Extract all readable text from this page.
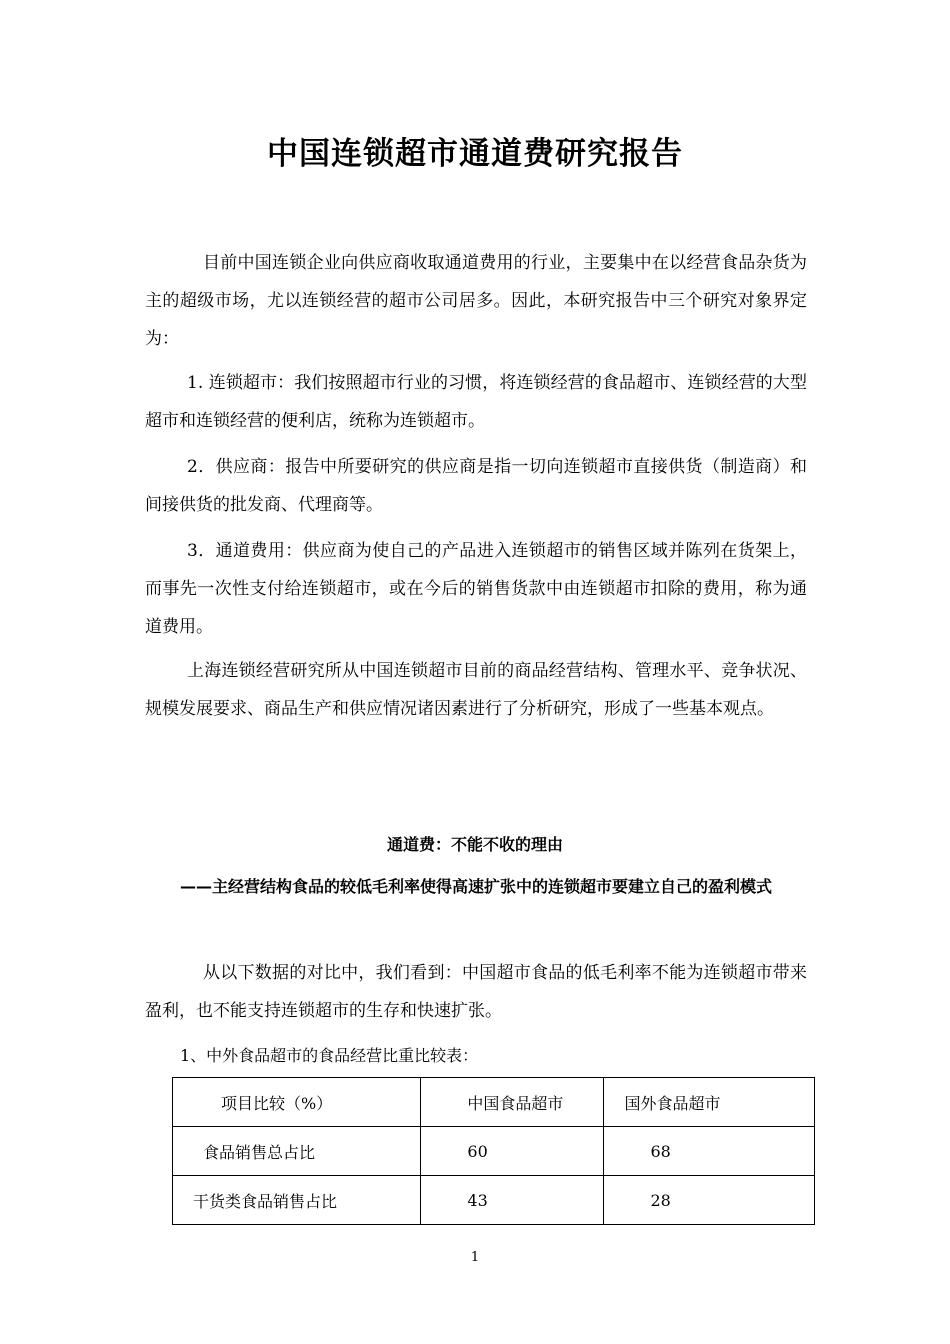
中国连锁超市通道费研究报告

目前中国连锁企业向供应商收取通道费用的行业，主要集中在以经营食品杂货为主的超级市场，尤以连锁经营的超市公司居多。因此，本研究报告中三个研究对象界定为：

1. 连锁超市：我们按照超市行业的习惯，将连锁经营的食品超市、连锁经营的大型超市和连锁经营的便利店，统称为连锁超市。

2．供应商：报告中所要研究的供应商是指一切向连锁超市直接供货（制造商）和间接供货的批发商、代理商等。

3．通道费用：供应商为使自己的产品进入连锁超市的销售区域并陈列在货架上，而事先一次性支付给连锁超市，或在今后的销售货款中由连锁超市扣除的费用，称为通道费用。

上海连锁经营研究所从中国连锁超市目前的商品经营结构、管理水平、竞争状况、规模发展要求、商品生产和供应情况诸因素进行了分析研究，形成了一些基本观点。

通道费：不能不收的理由

——主经营结构食品的较低毛利率使得高速扩张中的连锁超市要建立自己的盈利模式

从以下数据的对比中，我们看到：中国超市食品的低毛利率不能为连锁超市带来盈利，也不能支持连锁超市的生存和快速扩张。

1、中外食品超市的食品经营比重比较表：

项目比较（%）	中国食品超市	国外食品超市
食品销售总占比	60	68
干货类食品销售占比	43	28

1
